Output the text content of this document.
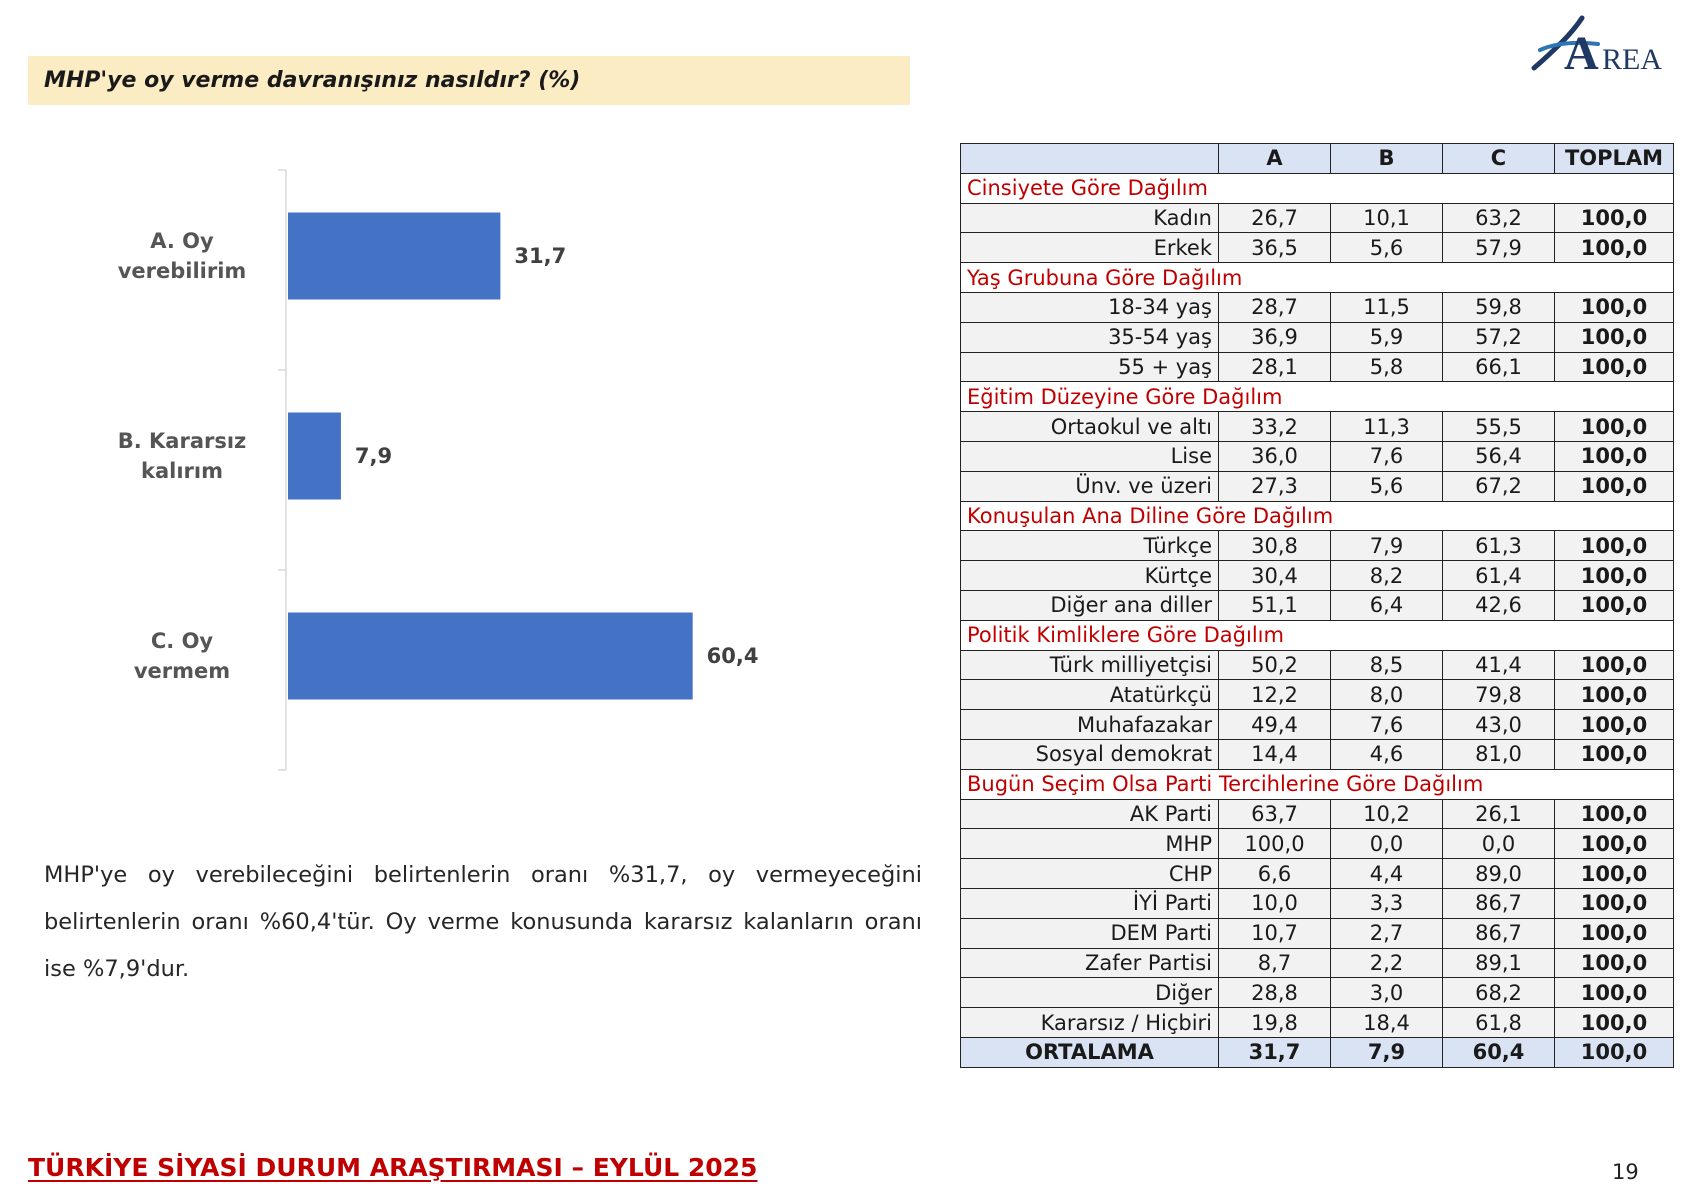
MHP'ye oy verme davranışınız nasıldır? (%)
A REA
31,7
A. Oy
verebilirim
7,9
B. Kararsız
kalırım
60,4
C. Oy
vermem
MHP'ye oy verebileceğini belirtenlerin oranı %31,7, oy vermeyeceğini belirtenlerin oranı %60,4'tür. Oy verme konusunda kararsız kalanların oranı ise %7,9'dur.
	A	B	C	TOPLAM
Cinsiyete Göre Dağılım				
Kadın	26,7	10,1	63,2	100,0
Erkek	36,5	5,6	57,9	100,0
Yaş Grubuna Göre Dağılım				
18-34 yaş	28,7	11,5	59,8	100,0
35-54 yaş	36,9	5,9	57,2	100,0
55 + yaş	28,1	5,8	66,1	100,0
Eğitim Düzeyine Göre Dağılım				
Ortaokul ve altı	33,2	11,3	55,5	100,0
Lise	36,0	7,6	56,4	100,0
Ünv. ve üzeri	27,3	5,6	67,2	100,0
Konuşulan Ana Diline Göre Dağılım				
Türkçe	30,8	7,9	61,3	100,0
Kürtçe	30,4	8,2	61,4	100,0
Diğer ana diller	51,1	6,4	42,6	100,0
Politik Kimliklere Göre Dağılım				
Türk milliyetçisi	50,2	8,5	41,4	100,0
Atatürkçü	12,2	8,0	79,8	100,0
Muhafazakar	49,4	7,6	43,0	100,0
Sosyal demokrat	14,4	4,6	81,0	100,0
Bugün Seçim Olsa Parti Tercihlerine Göre Dağılım				
AK Parti	63,7	10,2	26,1	100,0
MHP	100,0	0,0	0,0	100,0
CHP	6,6	4,4	89,0	100,0
İYİ Parti	10,0	3,3	86,7	100,0
DEM Parti	10,7	2,7	86,7	100,0
Zafer Partisi	8,7	2,2	89,1	100,0
Diğer	28,8	3,0	68,2	100,0
Kararsız / Hiçbiri	19,8	18,4	61,8	100,0
ORTALAMA	31,7	7,9	60,4	100,0
TÜRKİYE SİYASİ DURUM ARAŞTIRMASI – EYLÜL 2025	19
